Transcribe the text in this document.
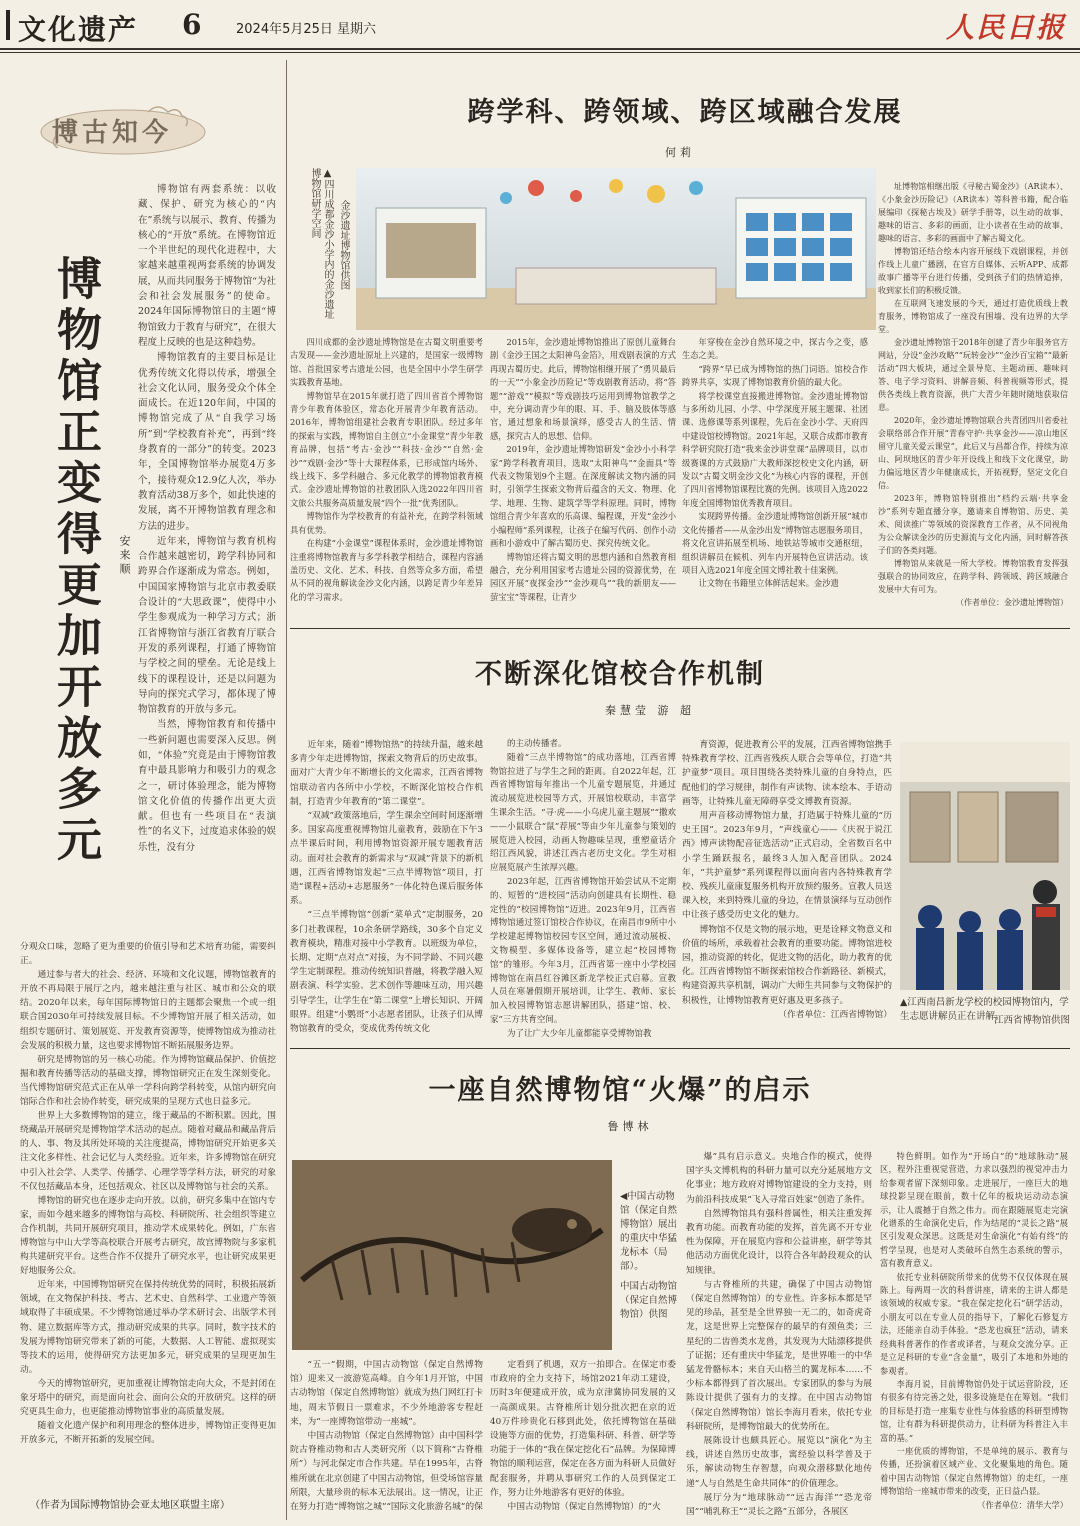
文化遗产 6	2024年5月25日 星期六	人民日报
博古知今
博物馆正变得更加开放多元 安来顺
博物馆有两套系统：以收藏、保护、研究为核心的“内在”系统与以展示、教育、传播为核心的“开放”系统。在博物馆近一个半世纪的现代化进程中，大家越来越重视两套系统的协调发展，从而共同服务于博物馆“为社会和社会发展服务”的使命。2024年国际博物馆日的主题“博物馆致力于教育与研究”，在很大程度上反映的也是这种趋势。
博物馆教育的主要目标是让优秀传统文化得以传承，增强全社会文化认同，服务受众个体全面成长。在近120年间，中国的博物馆完成了从“自我学习场所”到“学校教育补充”，再到“终身教育的一部分”的转变。2023年，全国博物馆举办展览4万多个，接待观众12.9亿人次，举办教育活动38万多个，如此快速的发展，离不开博物馆教育理念和方法的进步。
近年来，博物馆与教育机构合作越来越密切，跨学科协同和跨界合作逐渐成为常态。例如，中国国家博物馆与北京市教委联合设计的“大思政课”，使得中小学生参观成为一种学习方式；浙江省博物馆与浙江省教育厅联合开发的系列课程，打通了博物馆与学校之间的壁垒。无论是线上线下的课程设计，还是以问题为导向的探究式学习，都体现了博物馆教育的开放与多元。
当然，博物馆教育和传播中一些新问题也需要深入反思。例如，“体验”究竟是由于博物馆教育中最具影响力和吸引力的观念之一，研讨体验理念，能为博物馆文化价值的传播作出更大贡献。但也有一些项目在“表演性”的名义下，过度追求体验的娱乐性，没有分
分观众口味，忽略了更为重要的价值引导和艺术培育功能，需要纠正。
通过参与者大的社会、经济、环境和文化议题，博物馆教育的开放不再局限于展厅之内，越来越注重与社区、城市和公众的联结。2020年以来，每年国际博物馆日的主题都会聚焦一个或一组联合国2030年可持续发展目标。不少博物馆开展了相关活动，如组织专题研讨、策划展览、开发教育资源等，使博物馆成为推动社会发展的积极力量，这也要求博物馆不断拓展服务边界。
研究是博物馆的另一核心功能。作为博物馆藏品保护、价值挖掘和教育传播等活动的基础支撑，博物馆研究正在发生深刻变化。当代博物馆研究范式正在从单一学科向跨学科转变，从馆内研究向馆际合作和社会协作转变，研究成果的呈现方式也日益多元。
世界上大多数博物馆的建立，缘于藏品的不断积累。因此，围绕藏品开展研究是博物馆学术活动的起点。随着对藏品和藏品背后的人、事、物及其所处环境的关注度提高，博物馆研究开始更多关注文化多样性、社会记忆与人类经验。近年来，许多博物馆在研究中引入社会学、人类学、传播学、心理学等学科方法，研究的对象不仅包括藏品本身，还包括观众、社区以及博物馆与社会的关系。
博物馆的研究也在逐步走向开放。以前，研究多集中在馆内专家，而如今越来越多的博物馆与高校、科研院所、社会组织等建立合作机制，共同开展研究项目，推动学术成果转化。例如，广东省博物馆与中山大学等高校联合开展考古研究，故宫博物院与多家机构共建研究平台。这些合作不仅提升了研究水平，也让研究成果更好地服务公众。
近年来，中国博物馆研究在保持传统优势的同时，积极拓展新领域，在文物保护科技、考古、艺术史、自然科学、工业遗产等领域取得了丰硕成果。不少博物馆通过举办学术研讨会、出版学术刊物、建立数据库等方式，推动研究成果的共享。同时，数字技术的发展为博物馆研究带来了新的可能，大数据、人工智能、虚拟现实等技术的运用，使得研究方法更加多元，研究成果的呈现更加生动。
今天的博物馆研究，更加重视让博物馆走向大众，不是封闭在象牙塔中的研究，而是面向社会、面向公众的开放研究。这样的研究更具生命力，也更能推动博物馆事业的高质量发展。
随着文化遗产保护和利用理念的整体进步，博物馆正变得更加开放多元，不断开拓新的发展空间。
（作者为国际博物馆协会亚太地区联盟主席）
跨学科、跨领域、跨区域融合发展
何莉
▲四川成都金沙小学内的金沙遗址博物馆研学空间	金沙遗址博物馆供图

四川成都的金沙遗址博物馆是在古蜀文明重要考古发现——金沙遗址原址上兴建的，是国家一级博物馆、首批国家考古遗址公园，也是全国中小学生研学实践教育基地。

博物馆早在2015年就打造了四川省首个博物馆青少年教育体验区，常态化开展青少年教育活动。2016年，博物馆组建社会教育专职团队。经过多年的探索与实践，博物馆自主创立“小金课堂”青少年教育品牌，包括“考古·金沙”“科技·金沙”“自然·金沙”“戏剧·金沙”等十大课程体系，已形成馆内场外、线上线下、多学科融合、多元化教学的博物馆教育模式。金沙遗址博物馆的社教团队入选2022年四川省文旅公共服务高质量发展“四个一批”优秀团队。

博物馆作为学校教育的有益补充，在跨学科领域具有优势。

在构建“小金课堂”课程体系时，金沙遗址博物馆注重将博物馆教育与多学科教学相结合，课程内容涵盖历史、文化、艺术、科技、自然等众多方面，希望从不同的视角解读金沙文化内涵，以跨足青少年差异化的学习需求。

2015年，金沙遗址博物馆推出了原创儿童舞台剧《金沙王国之太阳神鸟金箔》，用戏剧表演的方式再现古蜀历史。此后，博物馆相继开展了“勇贝最后的一天”“小象金沙历险记”等戏剧教育活动，将“答题”“游戏”“模拟”等戏剧技巧运用到博物馆教学之中，充分调动青少年的眼、耳、手、脑及肢体等感官，通过想象和场景演绎，感受古人的生活、情感，探究古人的思想、信仰。

2019年，金沙遗址博物馆研发“金沙小小科学家”跨学科教育项目，选取“太阳神鸟”“金面具”等代表文物策划9个主题。在深度解读文物内涵的同时，引领学生探索文物背后蕴含的天文、物理、化学、地理、生物、建筑学等学科原理。同时，博物馆组合青少年喜欢的乐高课、编程课，开发“金沙小小编程师”系列课程，让孩子在编写代码、创作小动画和小游戏中了解古蜀历史、探究传统文化。

博物馆还将古蜀文明的思想内涵和自然教育相融合，充分利用国家考古遗址公园的资源优势，在园区开展“夜探金沙”“金沙观鸟”“我的新朋友——萤宝宝”等课程，让青少

年穿梭在金沙自然环境之中，探古今之变，感生态之美。

“跨界”早已成为博物馆的热门词语。馆校合作跨界共享，实现了博物馆教育价值的最大化。

将学校课堂直接搬进博物馆。金沙遗址博物馆与多所幼儿园、小学、中学深度开展主题课、社团课、选修课等系列课程，先后在金沙小学、天府四中建设馆校博物馆。2021年起，又联合成都市教育科学研究院打造“我来金沙讲堂课”品牌项目，以市级赛课的方式鼓励广大教师深挖校史文化内涵，研发以“古蜀文明金沙文化”为核心内容的课程，开创了四川省博物馆课程比赛的先例。该项目入选2022年度全国博物馆优秀教育项目。

实现跨界传播。金沙遗址博物馆创新开展“城市文化传播者——从金沙出发”博物馆志愿服务项目，将文化宣讲拓展至机场、地铁站等城市交通枢纽，组织讲解员在候机、列车内开展特色宣讲活动。该项目入选2021年度全国文博社教十佳案例。

让文物在书籍里立体鲜活起来。金沙遗

址博物馆相继出版《寻秘古蜀金沙》（AR读本）、《小象金沙历险记》（AR读本）等科普书籍，配合临展编印《探秘古埃及》研学手册等，以生动的故事、趣味的语言、多彩的画面，让小读者在生动的故事、趣味的语言、多彩的画面中了解古蜀文化。

博物馆还结合绘本内容开展线下戏剧课程，并创作线上儿童广播剧，在官方自媒体、云听APP、成都故事广播等平台进行传播，受到孩子们的热情追捧，收到家长们的积极反馈。

在互联网飞速发展的今天，通过打造优质线上教育服务，博物馆成了一座没有围墙、没有边界的大学堂。

金沙遗址博物馆于2018年创建了青少年服务官方网站，分设“金沙攻略”“玩转金沙”“金沙百宝箱”“最新活动”四大板块，通过全景导览、主题动画、趣味问答、电子学习资料、讲解音频、科普视频等形式，提供各类线上教育资源，供广大青少年随时随地获取信息。

2020年，金沙遗址博物馆联合共青团四川省委社会联络部合作开展“青春守护·共享金沙——凉山地区留守儿童关爱云课堂”，此后又与昌都合作，持续为凉山、阿坝地区的青少年开设线上和线下文化课堂，助力偏远地区青少年健康成长，开拓视野，坚定文化自信。

2023年，博物馆特别推出“档约云端·共享金沙”系列专题直播分享，邀请来自博物馆、历史、美术、阅读推广等领域的资深教育工作者，从不同视角为公众解读金沙的历史源流与文化内涵，同时解答孩子们的各类问题。

博物馆从来就是一所大学校。博物馆教育发挥强强联合的协同效应，在跨学科、跨领域、跨区域融合发展中大有可为。

（作者单位：金沙遗址博物馆）

不断深化馆校合作机制
秦慧莹 游 超

近年来，随着“博物馆热”的持续升温，越来越多青少年走进博物馆，探索文物背后的历史故事。面对广大青少年不断增长的文化需求，江西省博物馆联动省内各所中小学校，不断深化馆校合作机制，打造青少年教育的“第二课堂”。

“双减”政策落地后，学生课余空间时间逐渐增多。国家高度重视博物馆儿童教育，鼓励在下午3点半课后时间，利用博物馆资源开展专题教育活动。面对社会教育的新需求与“双减”背景下的新机遇，江西省博物馆发起“三点半博物馆”项目，打造“课程+活动+志愿服务”一体化特色课后服务体系。

“三点半博物馆”创新“菜单式”定制服务，20多门社教课程，10余条研学路线，30多个自定义教育模块，精准对接中小学教育。以班级为单位，长期、定期“点对点”对接，为不同学龄、不同兴趣学生定制课程。推动传统知识普融，将教学融入短剧表演、科学实验、艺术创作等趣味互动，用兴趣引导学生，让学生在“第二课堂”上增长知识、开阔眼界。组建“小鹦哥”小志愿者团队，让孩子们从博物馆教育的受众，变成优秀传统文化

的主动传播者。

随着“三点半博物馆”的成功落地，江西省博物馆拉进了与学生之间的距离。自2022年起，江西省博物馆每年推出一个儿童专题展览，并通过流动展览进校园等方式，开展馆校联动，丰富学生课余生活。“寻·虎——小乌虎儿童主题展”“撒欢——小鼠联合“鼠”荐展”等由少年儿童参与策划的展览进入校园，动画人物趣味呈现，重塑童话介绍江西风貌，讲述江西古老历史文化。学生对相应展览展产生浓厚兴趣。

2023年起，江西省博物馆开始尝试从不定期的、短暂的“进校园”活动向创建具有长期性、稳定性的“校园博物馆”迈进。2023年9月，江西省博物馆通过签订馆校合作协议，在南昌市9所中小学校建起博物馆校园专区空间，通过流动展板、文物模型、多媒体设备等，建立起“校园博物馆”的雏形。今年3月，江西省第一座中小学校园博物馆在南昌红谷滩区新龙学校正式启幕。宣教人员在寒暑假期开展培训，让学生、教师、家长加入校园博物馆志愿讲解团队，搭建“馆、校、家”三方共育空间。

为了让广大少年儿童都能享受博物馆教

育资源，促进教育公平的发展，江西省博物馆携手特殊教育学校、江西省残疾人联合会等单位，打造“共护童梦”项目。项目围绕各类特殊儿童的自身特点，匹配他们的学习规律，制作有声读物、读本绘本、手语动画等，让特殊儿童无障碍享受文博教育资源。

用声音移动博物馆力量，打造属于特殊儿童的“历史王国”。2023年9月，“声线童心——《庆祝于说江西》博声读物配音征选活动”正式启动，全省数百名中小学生踊跃报名，最终3人加入配音团队。2024年，“共护童梦”系列课程得以面向省内各特殊教育学校、残疾儿童康复服务机构开放预约服务。宣教人员送课入校，来到特殊儿童的身边，在情景演绎与互动创作中让孩子感受历史文化的魅力。

博物馆不仅是文物的展示地，更是诠释文物意义和价值的场所，承载着社会教育的重要功能。博物馆进校园，推动资源的转化，促进文物的活化，助力教育的优化。江西省博物馆不断探索馆校合作新路径、新模式，构建资源共享机制，调动广大师生共同参与文物保护的积极性，让博物馆教育更好惠及更多孩子。

（作者单位：江西省博物馆）

▲江西南昌新龙学校的校园博物馆内，学生志愿讲解员正在讲解。
江西省博物馆供图
一座自然博物馆“火爆”的启示
鲁博林
◀中国古动物馆（保定自然博物馆）展出的重庆中华猛龙标本（局部）。
中国古动物馆（保定自然博物馆）供图

“五一”假期，中国古动物馆（保定自然博物馆）迎来又一波游览高峰。自今年1月开馆，中国古动物馆（保定自然博物馆）就成为热门网红打卡地，周末节假日一票难求，不少外地游客专程赶来，为“一座博物馆带动一座城”。

中国古动物馆（保定自然博物馆）由中国科学院古脊椎动物和古人类研究所（以下简称“古脊椎所”）与河北保定市合作共建。早在1995年，古脊椎所就在北京创建了中国古动物馆，但受场馆容量所限，大量珍贵的标本无法展出。这一情况，让正在努力打造“博物馆之城”“国际文化旅游名城”的保

定看到了机遇，双方一拍即合。在保定市委市政府的全力支持下，场馆2021年动工建设，历时3年便建成开放，成为京津冀协同发展的又一高颜成果。古脊椎所计划分批次把在京的近40万件珍贵化石移到此处，依托博物馆在基础设施等方面的优势，打造集科研、科普、研学等功能于一体的“我在保定挖化石”品牌。为保障博物馆的顺利运营，保定在各方面为科研人员做好配套服务，并聘从事研究工作的人员到保定工作，努力让外地游客有更好的体验。

中国古动物馆（保定自然博物馆）的“火

爆”具有启示意义。央地合作的模式，使得国字头文博机构的科研力量可以充分延展地方文化事业；地方政府对博物馆建设的全力支持，则为前沿科技成果“飞入寻常百姓家”创造了条件。

自然博物馆具有强科普属性，相关注重发挥教育功能。而教育功能的发挥，首先离不开专业性为保障，开在展览内容和公益讲座，研学等其他活动方面优化设计，以符合各年龄段观众的认知规律。

与古脊椎所的共建，确保了中国古动物馆（保定自然博物馆）的专业性。许多标本都是罕见的珍品，甚至是全世界独一无二的，如奇虎奇龙，这是世界上完整保存的最早的有颈鱼类；三星纪的二齿兽类水龙兽，其发现为大陆漂移提供了证据；还有重庆中华猛龙，是世界唯一的中华猛龙骨骼标本；来自天山格兰的翼龙标本……不少标本都得到了首次展出。专家团队的参与为展陈设计提供了强有力的支撑。在中国古动物馆（保定自然博物馆）馆长李海月看来，依托专业科研院所，是博物馆最大的优势所在。

展陈设计也颇具匠心。展览以“演化”为主线，讲述自然历史故事，寓经验以科学普及于乐，解读动物生存智慧，向观众潜移默化地传递“人与自然是生命共同体”的价值理念。

展厅分为“地球脉动”“远古海洋”“恐龙帝国”“哺乳称王”“灵长之路”五部分，各展区

特色鲜明。如作为“开场白”的“地球脉动”展区，程外注重视觉营造，力求以强烈的视觉冲击力给参观者留下深刻印象。走进展厅，一座巨大的地球投影呈现在眼前，数十亿年的板块运动动态演示，让人震撼于自然之伟力。而在跟随展览走完演化谱系的生命演化史后，作为结尾的“灵长之路”展区引发观众深思。这既是对生命演化“有始有终”的哲学呈现，也是对人类破坏自然生态系统的警示，富有教育意义。

依托专业科研院所带来的优势不仅仅体现在展陈上。每两周一次的科普讲座，请来的主讲人都是该领域的权威专家。“我在保定挖化石”研学活动，小朋友可以在专业人员的指导下，了解化石修复方法，还能亲自动手体验。“恐龙也疯狂”活动，请来经典科普著作的作者或译者，与观众交流分享。正是立足科研的专业“含金量”，吸引了本地和外地的参观者。

李海月说，目前博物馆仍处于试运营阶段，还有很多有待完善之处，很多设施是在在筹划。“我们的目标是打造一座集专业性与体验感的科研型博物馆，让有群为科研提供动力，让科研为科普注入丰富的基。”

一座优质的博物馆，不是单纯的展示、教育与传播，还扮演着区域产业、文化聚集地的角色。随着中国古动物馆（保定自然博物馆）的走红，一座博物馆给一座城市带来的改变，正日益凸显。

（作者单位：清华大学）
